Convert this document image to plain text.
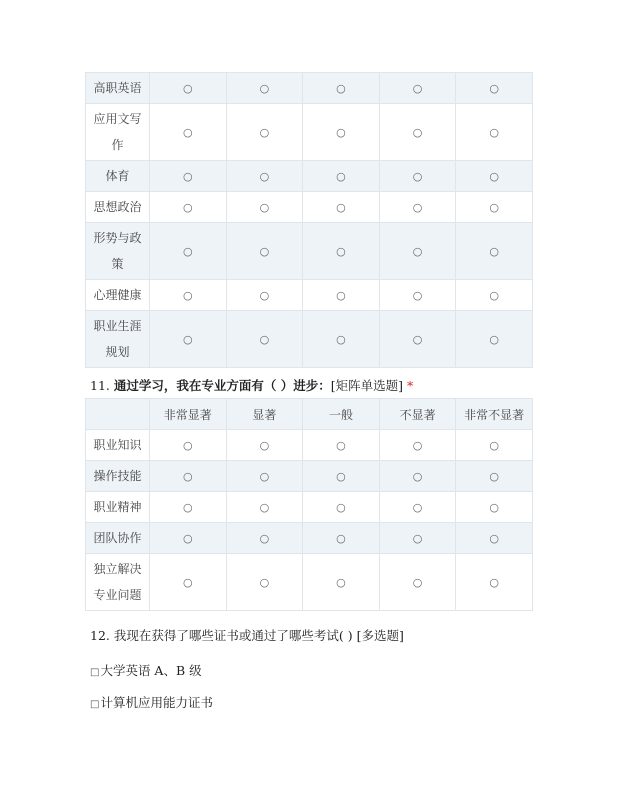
高职英语	○	○	○	○	○
应用文写作	○	○	○	○	○
体育	○	○	○	○	○
思想政治	○	○	○	○	○
形势与政策	○	○	○	○	○
心理健康	○	○	○	○	○
职业生涯规划	○	○	○	○	○
11. 通过学习，我在专业方面有（ ）进步：[矩阵单选题] *
	非常显著	显著	一般	不显著	非常不显著
职业知识	○	○	○	○	○
操作技能	○	○	○	○	○
职业精神	○	○	○	○	○
团队协作	○	○	○	○	○
独立解决专业问题	○	○	○	○	○
12. 我现在获得了哪些证书或通过了哪些考试( ) [多选题]
□大学英语 A、B 级
□计算机应用能力证书
